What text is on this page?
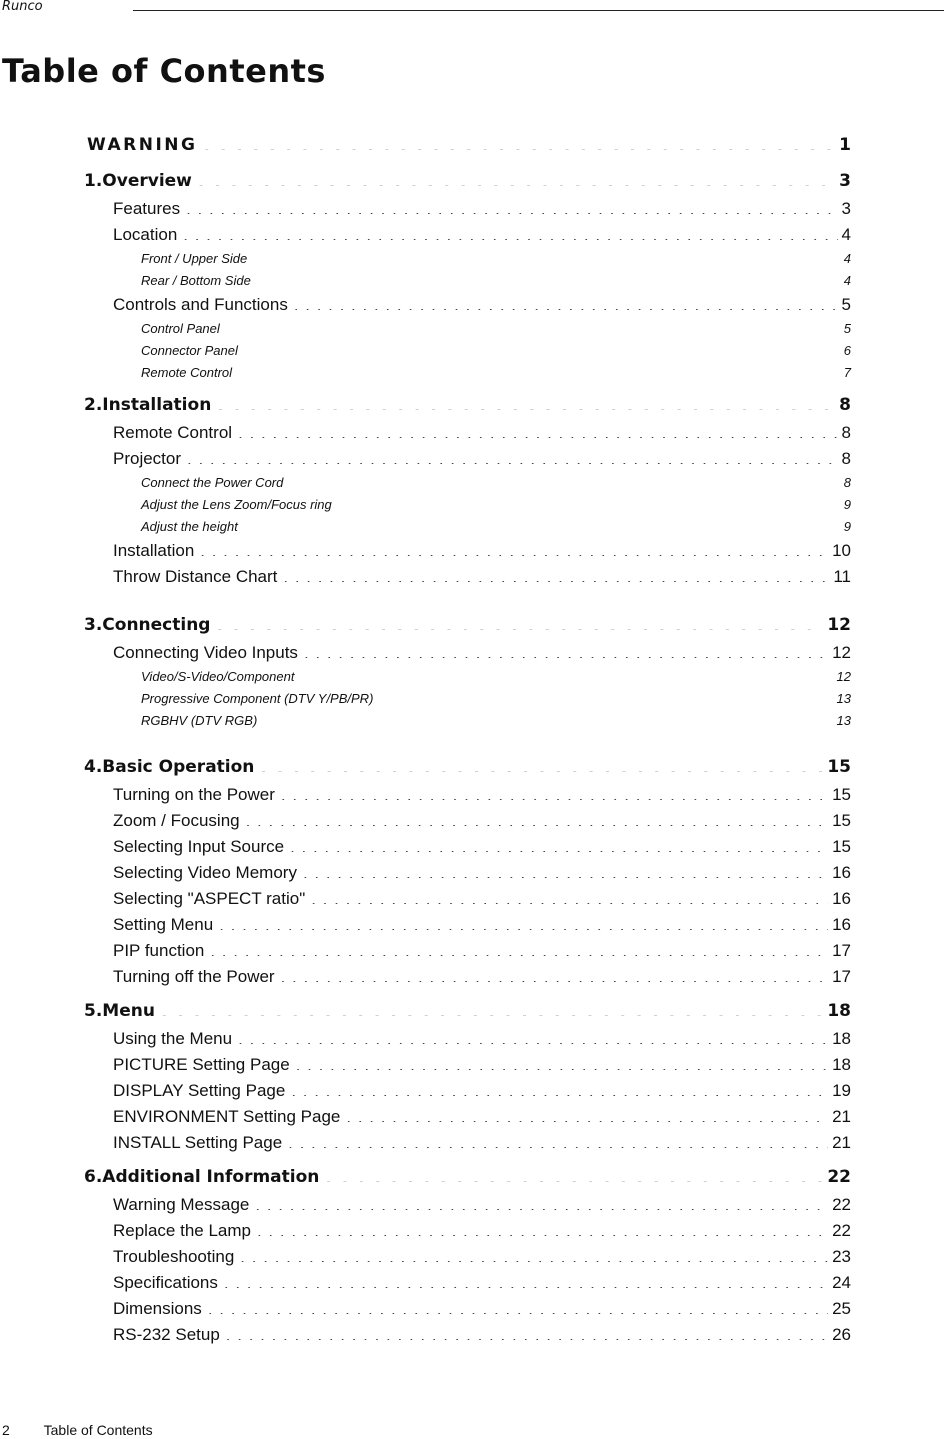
Runco
Table of Contents
WARNING . . .	1
1.Overview . . .	3
Features . . .	3
Location . . .	4
Front / Upper Side . . .	4
Rear / Bottom Side . . .	4
Controls and Functions . . .	5
Control Panel . . .	5
Connector Panel . . .	6
Remote Control . . .	7
2.Installation . . .	8
Remote Control . . .	8
Projector . . .	8
Connect the Power Cord . . .	8
Adjust the Lens Zoom/Focus ring . . .	9
Adjust the height . . .	9
Installation . . .	10
Throw Distance Chart . . .	11
3.Connecting . . .	12
Connecting Video Inputs . . .	12
Video/S-Video/Component . . .	12
Progressive Component (DTV Y/PB/PR) . . .	13
RGBHV (DTV RGB) . . .	13
4.Basic Operation . . .	15
Turning on the Power . . .	15
Zoom / Focusing . . .	15
Selecting Input Source . . .	15
Selecting Video Memory . . .	16
Selecting "ASPECT ratio" . . .	16
Setting Menu . . .	16
PIP function . . .	17
Turning off the Power . . .	17
5.Menu . . .	18
Using the Menu . . .	18
PICTURE Setting Page . . .	18
DISPLAY Setting Page . . .	19
ENVIRONMENT Setting Page . . .	21
INSTALL Setting Page . . .	21
6.Additional Information . . .	22
Warning Message . . .	22
Replace the Lamp . . .	22
Troubleshooting . . .	23
Specifications . . .	24
Dimensions . . .	25
RS-232 Setup . . .	26
2 Table of Contents
